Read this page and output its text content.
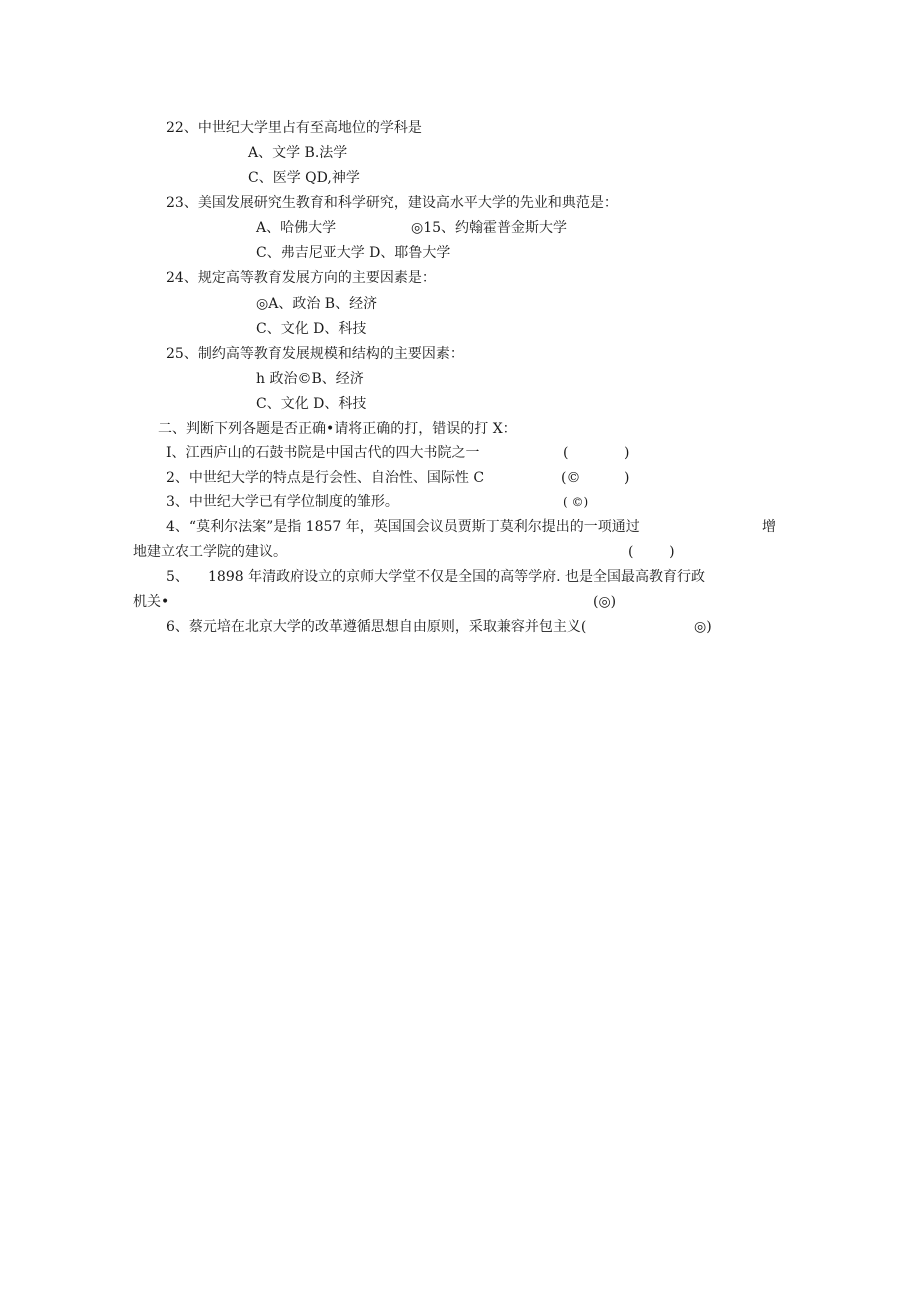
22、中世纪大学里占有至高地位的学科是
A、文学 B.法学
C、医学 QD,神学
23、美国发展研究生教育和科学研究，建设高水平大学的先业和典范是：
A、哈佛大学	◎15、约翰霍普金斯大学
C、弗吉尼亚大学 D、耶鲁大学
24、规定高等教育发展方向的主要因素是：
◎A、政治 B、经济
C、文化 D、科技
25、制约高等教育发展规模和结构的主要因素：
h 政治©B、经济
C、文化 D、科技
二、判断下列各题是否正确•请将正确的打，错误的打 X：
I、江西庐山的石鼓书院是中国古代的四大书院之一	(	)
2、中世纪大学的特点是行会性、自治性、国际性 C	(©	)
3、中世纪大学已有学位制度的雏形。	( ©)
4、“莫利尔法案”是指 1857 年，英国国会议员贾斯丁莫利尔提出的一项通过	增
地建立农工学院的建议。	(        )
5、 1898 年清政府设立的京师大学堂不仅是全国的高等学府. 也是全国最高教育行政
机关•	(◎)
6、蔡元培在北京大学的改革遵循思想自由原则，采取兼容并包主义(	◎)
